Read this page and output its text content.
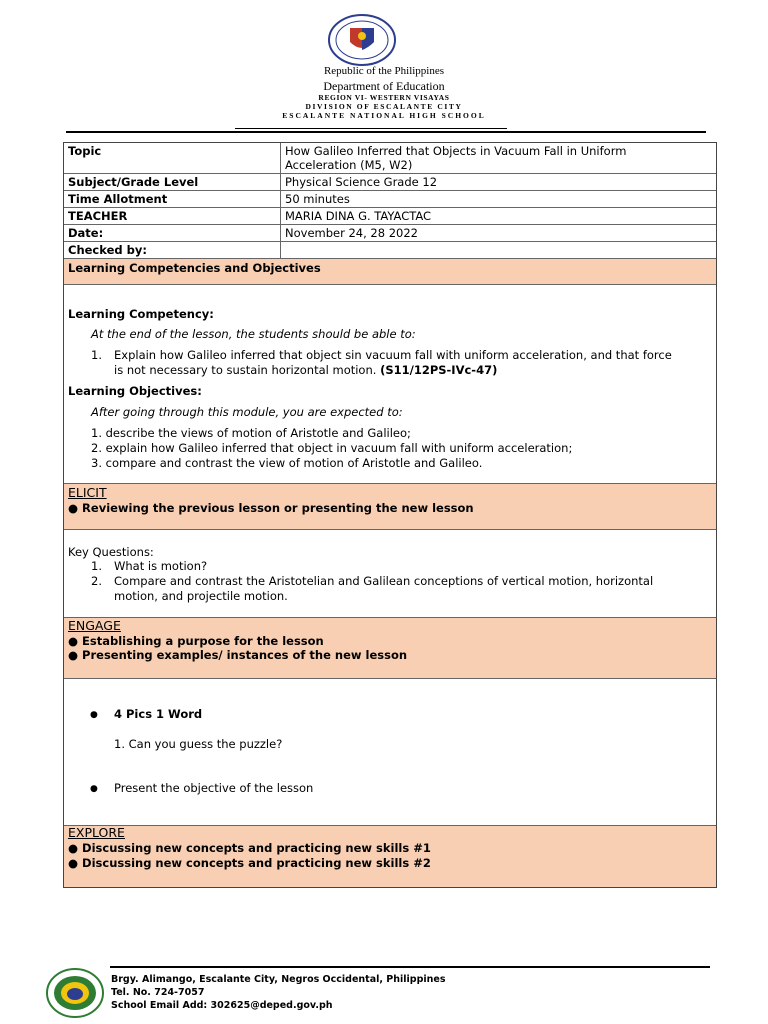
Republic of the Philippines
Department of Education
REGION VI- WESTERN VISAYAS
DIVISION OF ESCALANTE CITY
ESCALANTE NATIONAL HIGH SCHOOL
Topic	How Galileo Inferred that Objects in Vacuum Fall in Uniform
Acceleration (M5, W2)
Subject/Grade Level	Physical Science Grade 12
Time Allotment	50 minutes
TEACHER	MARIA DINA G. TAYACTAC
Date:	November 24, 28 2022
Checked by:
Learning Competencies and Objectives
Learning Competency:
At the end of the lesson, the students should be able to:
1. Explain how Galileo inferred that object sin vacuum fall with uniform acceleration, and that force
is not necessary to sustain horizontal motion. (S11/12PS-IVc-47)
Learning Objectives:
After going through this module, you are expected to:
1. describe the views of motion of Aristotle and Galileo;
2. explain how Galileo inferred that object in vacuum fall with uniform acceleration;
3. compare and contrast the view of motion of Aristotle and Galileo.
ELICIT
● Reviewing the previous lesson or presenting the new lesson
Key Questions:
1. What is motion?
2. Compare and contrast the Aristotelian and Galilean conceptions of vertical motion, horizontal
motion, and projectile motion.
ENGAGE
● Establishing a purpose for the lesson
● Presenting examples/ instances of the new lesson
● 4 Pics 1 Word
1. Can you guess the puzzle?
● Present the objective of the lesson
EXPLORE
● Discussing new concepts and practicing new skills #1
● Discussing new concepts and practicing new skills #2
Brgy. Alimango, Escalante City, Negros Occidental, Philippines
Tel. No. 724-7057
School Email Add: 302625@deped.gov.ph
